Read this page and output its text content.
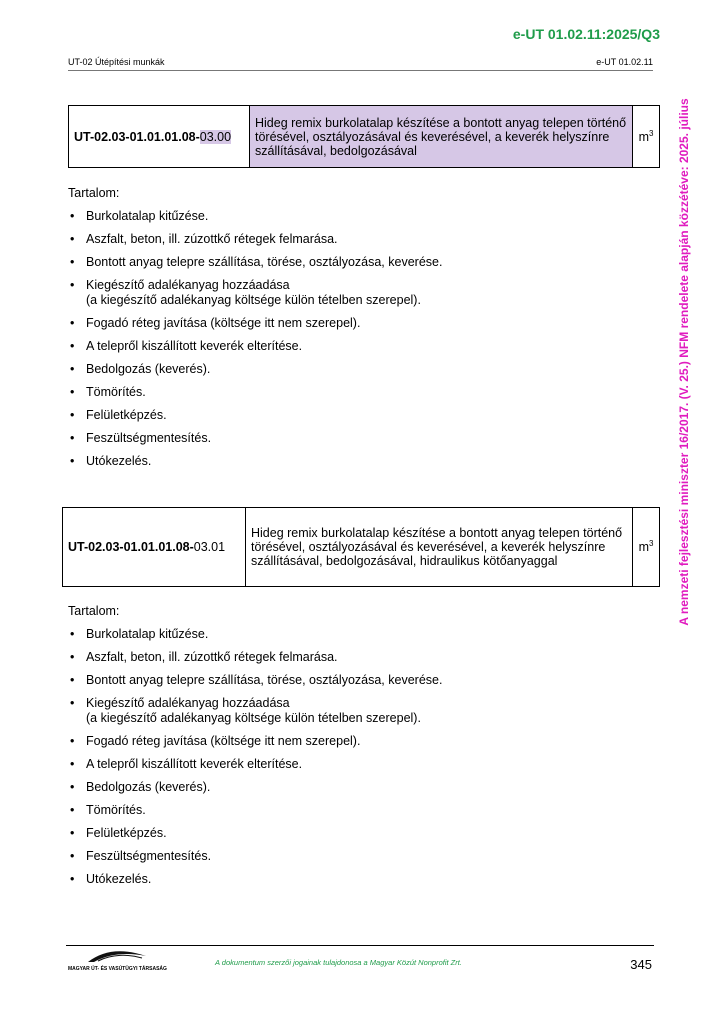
e-UT 01.02.11:2025/Q3
UT-02 Útépítési munkák	e-UT 01.02.11
A nemzeti fejlesztési miniszter 16/2017. (V. 25.) NFM rendelete alapján közzétéve: 2025. július
UT-02.03-01.01.01.08-03.00	Hideg remix burkolatalap készítése a bontott anyag telepen történő törésével, osztályozásával és keverésével, a keverék helyszínre szállításával, bedolgozásával	$m^3$
Tartalom:
• Burkolatalap kitűzése.
• Aszfalt, beton, ill. zúzottkő rétegek felmarása.
• Bontott anyag telepre szállítása, törése, osztályozása, keverése.
• Kiegészítő adalékanyag hozzáadása
(a kiegészítő adalékanyag költsége külön tételben szerepel).
• Fogadó réteg javítása (költsége itt nem szerepel).
• A telepről kiszállított keverék elterítése.
• Bedolgozás (keverés).
• Tömörítés.
• Felületképzés.
• Feszültségmentesítés.
• Utókezelés.
UT-02.03-01.01.01.08-03.01	Hideg remix burkolatalap készítése a bontott anyag telepen történő törésével, osztályozásával és keverésével, a keverék helyszínre szállításával, bedolgozásával, hidraulikus kötőanyaggal	$m^3$
Tartalom:
• Burkolatalap kitűzése.
• Aszfalt, beton, ill. zúzottkő rétegek felmarása.
• Bontott anyag telepre szállítása, törése, osztályozása, keverése.
• Kiegészítő adalékanyag hozzáadása
(a kiegészítő adalékanyag költsége külön tételben szerepel).
• Fogadó réteg javítása (költsége itt nem szerepel).
• A telepről kiszállított keverék elterítése.
• Bedolgozás (keverés).
• Tömörítés.
• Felületképzés.
• Feszültségmentesítés.
• Utókezelés.
MAGYAR ÚT- ÉS VASÚTÜGYI TÁRSASÁG
A dokumentum szerzői jogainak tulajdonosa a Magyar Közút Nonprofit Zrt.	345
